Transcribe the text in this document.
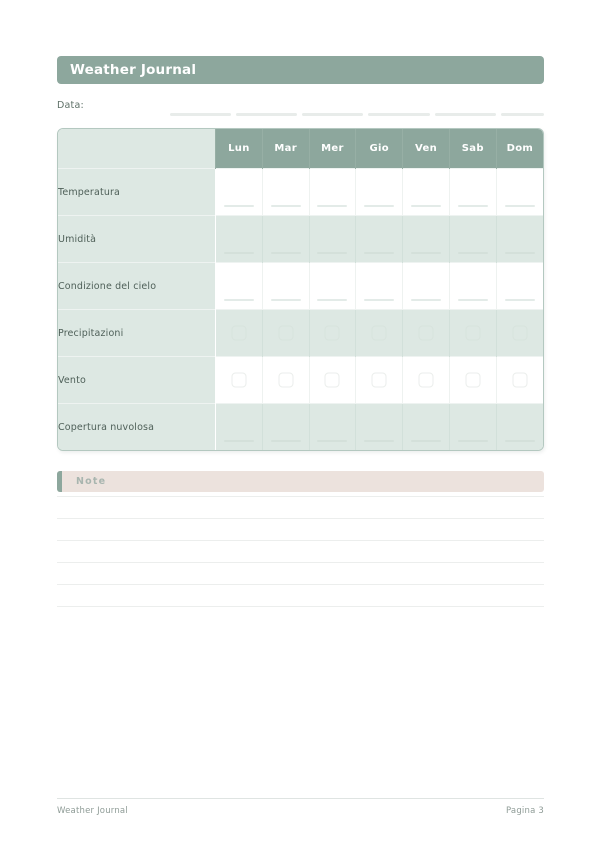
Weather Journal
Data:
	Lun	Mar	Mer	Gio	Ven	Sab	Dom
Temperatura	

Umidità	

Condizione del cielo	

Precipitazioni	

Vento	

Copertura nuvolosa	

Note
Weather Journal	Pagina 3
